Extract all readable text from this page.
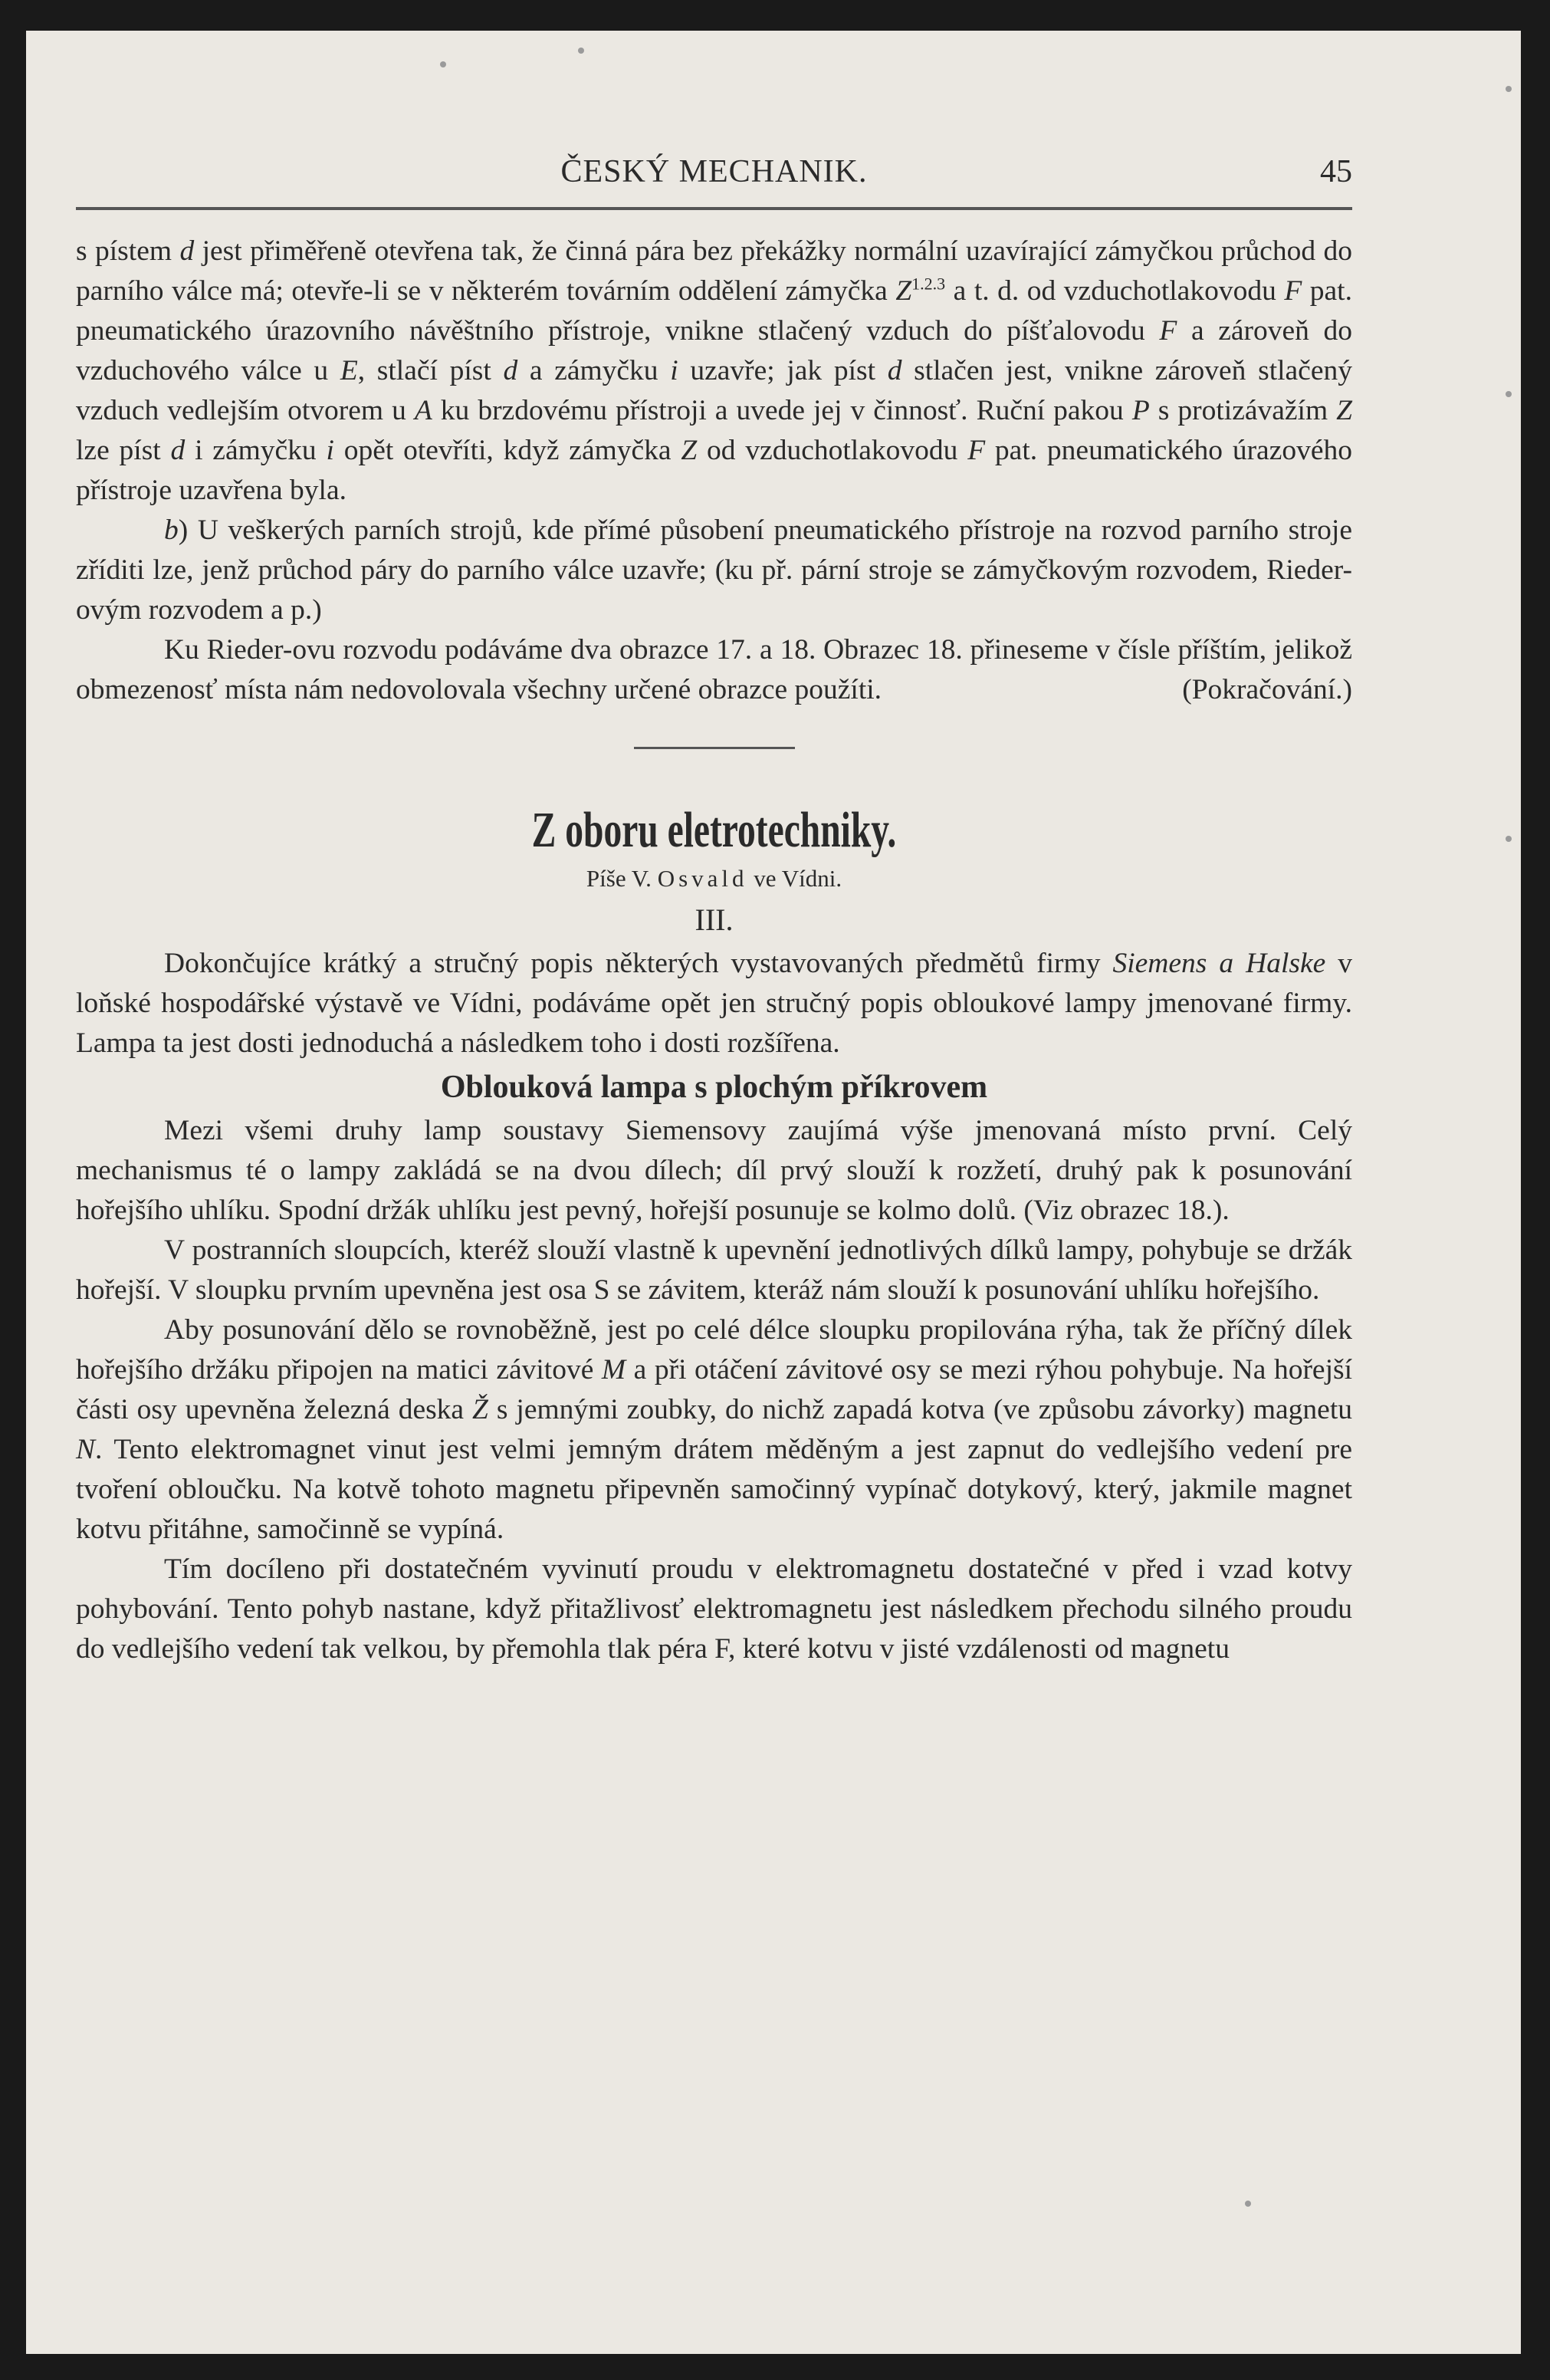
ČESKÝ MECHANIK.	45

s pístem d jest přiměřeně otevřena tak, že činná pára bez překážky normální uzavírající zámyčkou průchod do parního válce má; otevře-li se v některém továrním oddělení zámyčka $Z^{1.2.3}$ a t. d. od vzduchotlakovodu F pat. pneumatického úrazovního návěštního přístroje, vnikne stlačený vzduch do píšťalovodu F a zároveň do vzduchového válce u E, stlačí píst d a zámyčku i uzavře; jak píst d stlačen jest, vnikne zároveň stlačený vzduch vedlejším otvorem u A ku brzdovému přístroji a uvede jej v činnosť. Ruční pakou P s protizávažím Z lze píst d i zámyčku i opět otevříti, když zámyčka Z od vzduchotlakovodu F pat. pneumatického úrazového přístroje uzavřena byla.

b) U veškerých parních strojů, kde přímé působení pneumatického přístroje na rozvod parního stroje zříditi lze, jenž průchod páry do parního válce uzavře; (ku př. pární stroje se zámyčkovým rozvodem, Rieder-ovým rozvodem a p.)

Ku Rieder-ovu rozvodu podáváme dva obrazce 17. a 18. Obrazec 18. přineseme v čísle příštím, jelikož obmezenosť místa nám nedovolovala všechny určené obrazce použíti.	(Pokračování.)

Z oboru eletrotechniky.

Píše V. Osvald ve Vídni.

III.

Dokončujíce krátký a stručný popis některých vystavovaných předmětů firmy Siemens a Halske v loňské hospodářské výstavě ve Vídni, podáváme opět jen stručný popis obloukové lampy jmenované firmy. Lampa ta jest dosti jednoduchá a následkem toho i dosti rozšířena.

Oblouková lampa s plochým příkrovem

Mezi všemi druhy lamp soustavy Siemensovy zaujímá výše jmenovaná místo první. Celý mechanismus té o lampy zakládá se na dvou dílech; díl prvý slouží k rozžetí, druhý pak k posunování hořejšího uhlíku. Spodní držák uhlíku jest pevný, hořejší posunuje se kolmo dolů. (Viz obrazec 18.).

V postranních sloupcích, kteréž slouží vlastně k upevnění jednotlivých dílků lampy, pohybuje se držák hořejší. V sloupku prvním upevněna jest osa S se závitem, kteráž nám slouží k posunování uhlíku hořejšího.

Aby posunování dělo se rovnoběžně, jest po celé délce sloupku propilována rýha, tak že příčný dílek hořejšího držáku připojen na matici závitové M a při otáčení závitové osy se mezi rýhou pohybuje. Na hořejší části osy upevněna železná deska Ž s jemnými zoubky, do nichž zapadá kotva (ve způsobu závorky) magnetu N. Tento elektromagnet vinut jest velmi jemným drátem měděným a jest zapnut do vedlejšího vedení pre tvoření obloučku. Na kotvě tohoto magnetu připevněn samočinný vypínač dotykový, který, jakmile magnet kotvu přitáhne, samočinně se vypíná.

Tím docíleno při dostatečném vyvinutí proudu v elektromagnetu dostatečné v před i vzad kotvy pohybování. Tento pohyb nastane, když přitažlivosť elektromagnetu jest následkem přechodu silného proudu do vedlejšího vedení tak velkou, by přemohla tlak péra F, které kotvu v jisté vzdálenosti od magnetu
